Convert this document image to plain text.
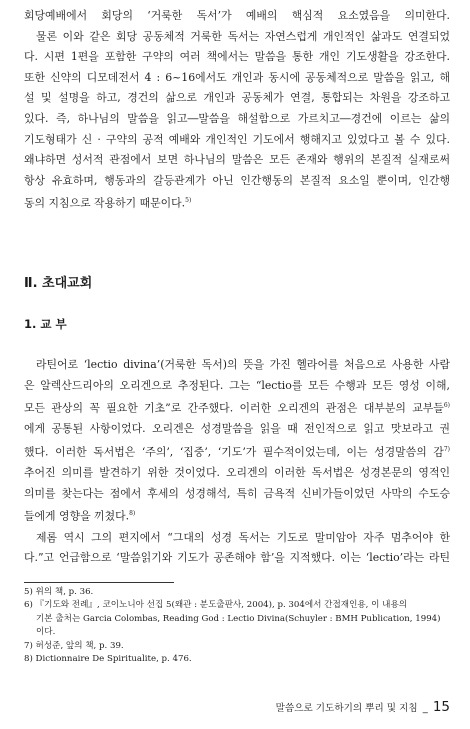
회당예배에서 회당의 ‘거룩한 독서’가 예배의 핵심적 요소였음을 의미한다.
물론 이와 같은 회당 공동체적 거룩한 독서는 자연스럽게 개인적인 삶과도 연결되었
다. 시편 1편을 포함한 구약의 여러 책에서는 말씀을 통한 개인 기도생활을 강조한다.
또한 신약의 디모데전서 4 : 6~16에서도 개인과 동시에 공동체적으로 말씀을 읽고, 해
설 및 설명을 하고, 경건의 삶으로 개인과 공동체가 연결, 통합되는 차원을 강조하고
있다. 즉, 하나님의 말씀을 읽고―말씀을 해설함으로 가르치고―경건에 이르는 삶의
기도형태가 신 · 구약의 공적 예배와 개인적인 기도에서 행해지고 있었다고 볼 수 있다.
왜냐하면 성서적 관점에서 보면 하나님의 말씀은 모든 존재와 행위의 본질적 실재로써
항상 유효하며, 행동과의 갈등관계가 아닌 인간행동의 본질적 요소일 뿐이며, 인간행
동의 지침으로 작용하기 때문이다.$^{5)}$
Ⅱ. 초대교회
1. 교 부
라틴어로 ‘lectio divina’(거룩한 독서)의 뜻을 가진 헬라어를 처음으로 사용한 사람
은 알렉산드리아의 오리겐으로 추정된다. 그는 “lectio를 모든 수행과 모든 영성 이해,
모든 관상의 꼭 필요한 기초”로 간주했다. 이러한 오리겐의 관점은 대부분의 교부들$^{6)}$
에게 공통된 사항이었다. 오리겐은 성경말씀을 읽을 때 전인적으로 읽고 맛보라고 권
했다. 이러한 독서법은 ‘주의’, ‘집중’, ‘기도’가 필수적이었는데, 이는 성경말씀의 감$^{7)}$
추어진 의미를 발견하기 위한 것이었다. 오리겐의 이러한 독서법은 성경본문의 영적인
의미를 찾는다는 점에서 후세의 성경해석, 특히 금욕적 신비가들이었던 사막의 수도승
들에게 영향을 끼쳤다.$^{8)}$
제롬 역시 그의 편지에서 “그대의 성경 독서는 기도로 말미암아 자주 멈추어야 한
다.”고 언급함으로 ‘말씀읽기와 기도가 공존해야 함’을 지적했다. 이는 ‘lectio’라는 라틴
5) 위의 책, p. 36.
6) 『기도와 전례』, 코이노니아 선집 5(왜관 : 분도출판사, 2004), p. 304에서 간접재인용, 이 내용의
기본 출처는 Garcia Colombas, Reading God : Lectio Divina(Schuyler : BMH Publication, 1994)
이다.
7) 허성준, 앞의 책, p. 39.
8) Dictionnaire De Spiritualite, p. 476.
말씀으로 기도하기의 뿌리 및 지침 _ 15
